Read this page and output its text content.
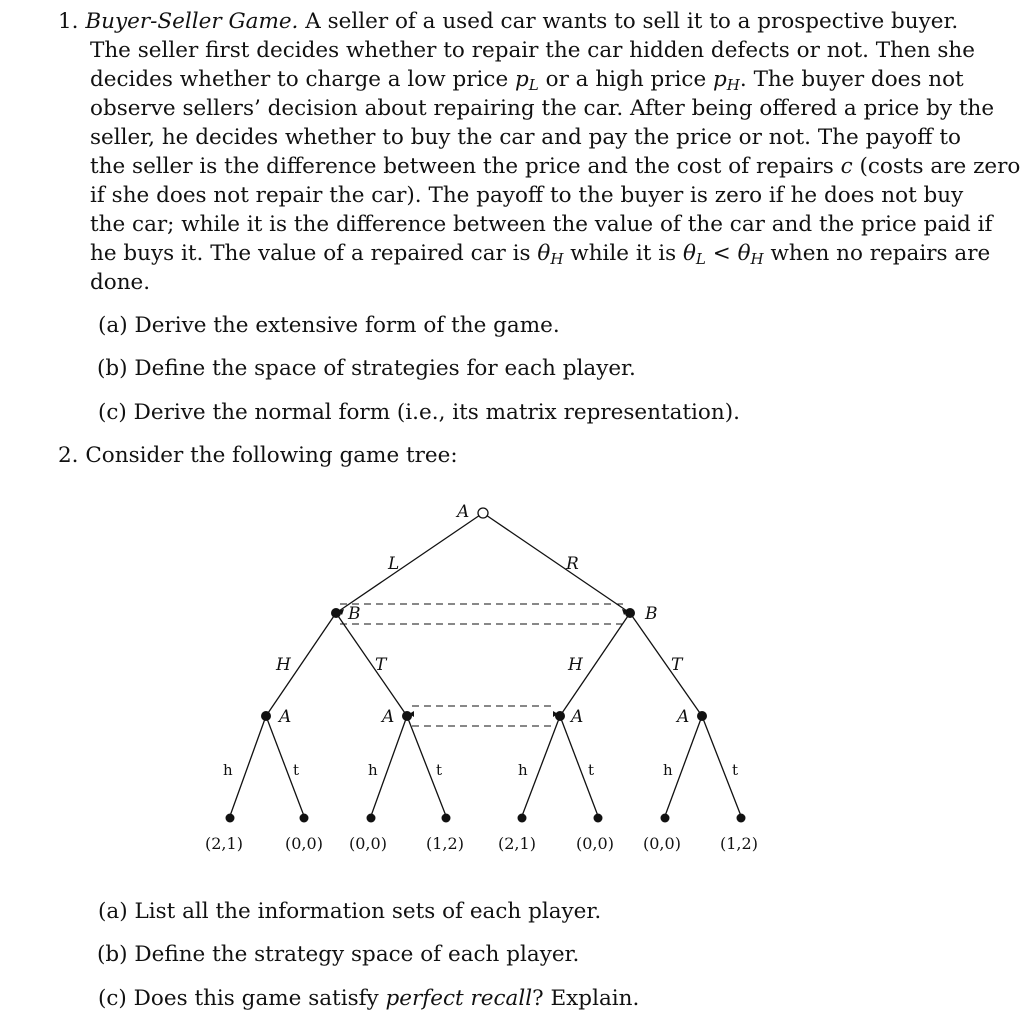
1. Buyer-Seller Game. A seller of a used car wants to sell it to a prospective buyer.
The seller first decides whether to repair the car hidden defects or not. Then she
decides whether to charge a low price $p_L$ or a high price $p_H$. The buyer does not
observe sellers’ decision about repairing the car. After being offered a price by the
seller, he decides whether to buy the car and pay the price or not. The payoff to
the seller is the difference between the price and the cost of repairs c (costs are zero
if she does not repair the car). The payoff to the buyer is zero if he does not buy
the car; while it is the difference between the value of the car and the price paid if
he buys it. The value of a repaired car is $\theta_H$ while it is $\theta_L < \theta_H$ when no repairs are
done.
(a) Derive the extensive form of the game.
(b) Define the space of strategies for each player.
(c) Derive the normal form (i.e., its matrix representation).
2. Consider the following game tree:
A
L	R
B	B
H	T	H	T
A	A	A	A
h	t	h	t	h	t	h	t
(2,1)	(0,0) (0,0) (1,2) (2,1)	(0,0) (0,0) (1,2)
(a) List all the information sets of each player.
(b) Define the strategy space of each player.
(c) Does this game satisfy perfect recall? Explain.
